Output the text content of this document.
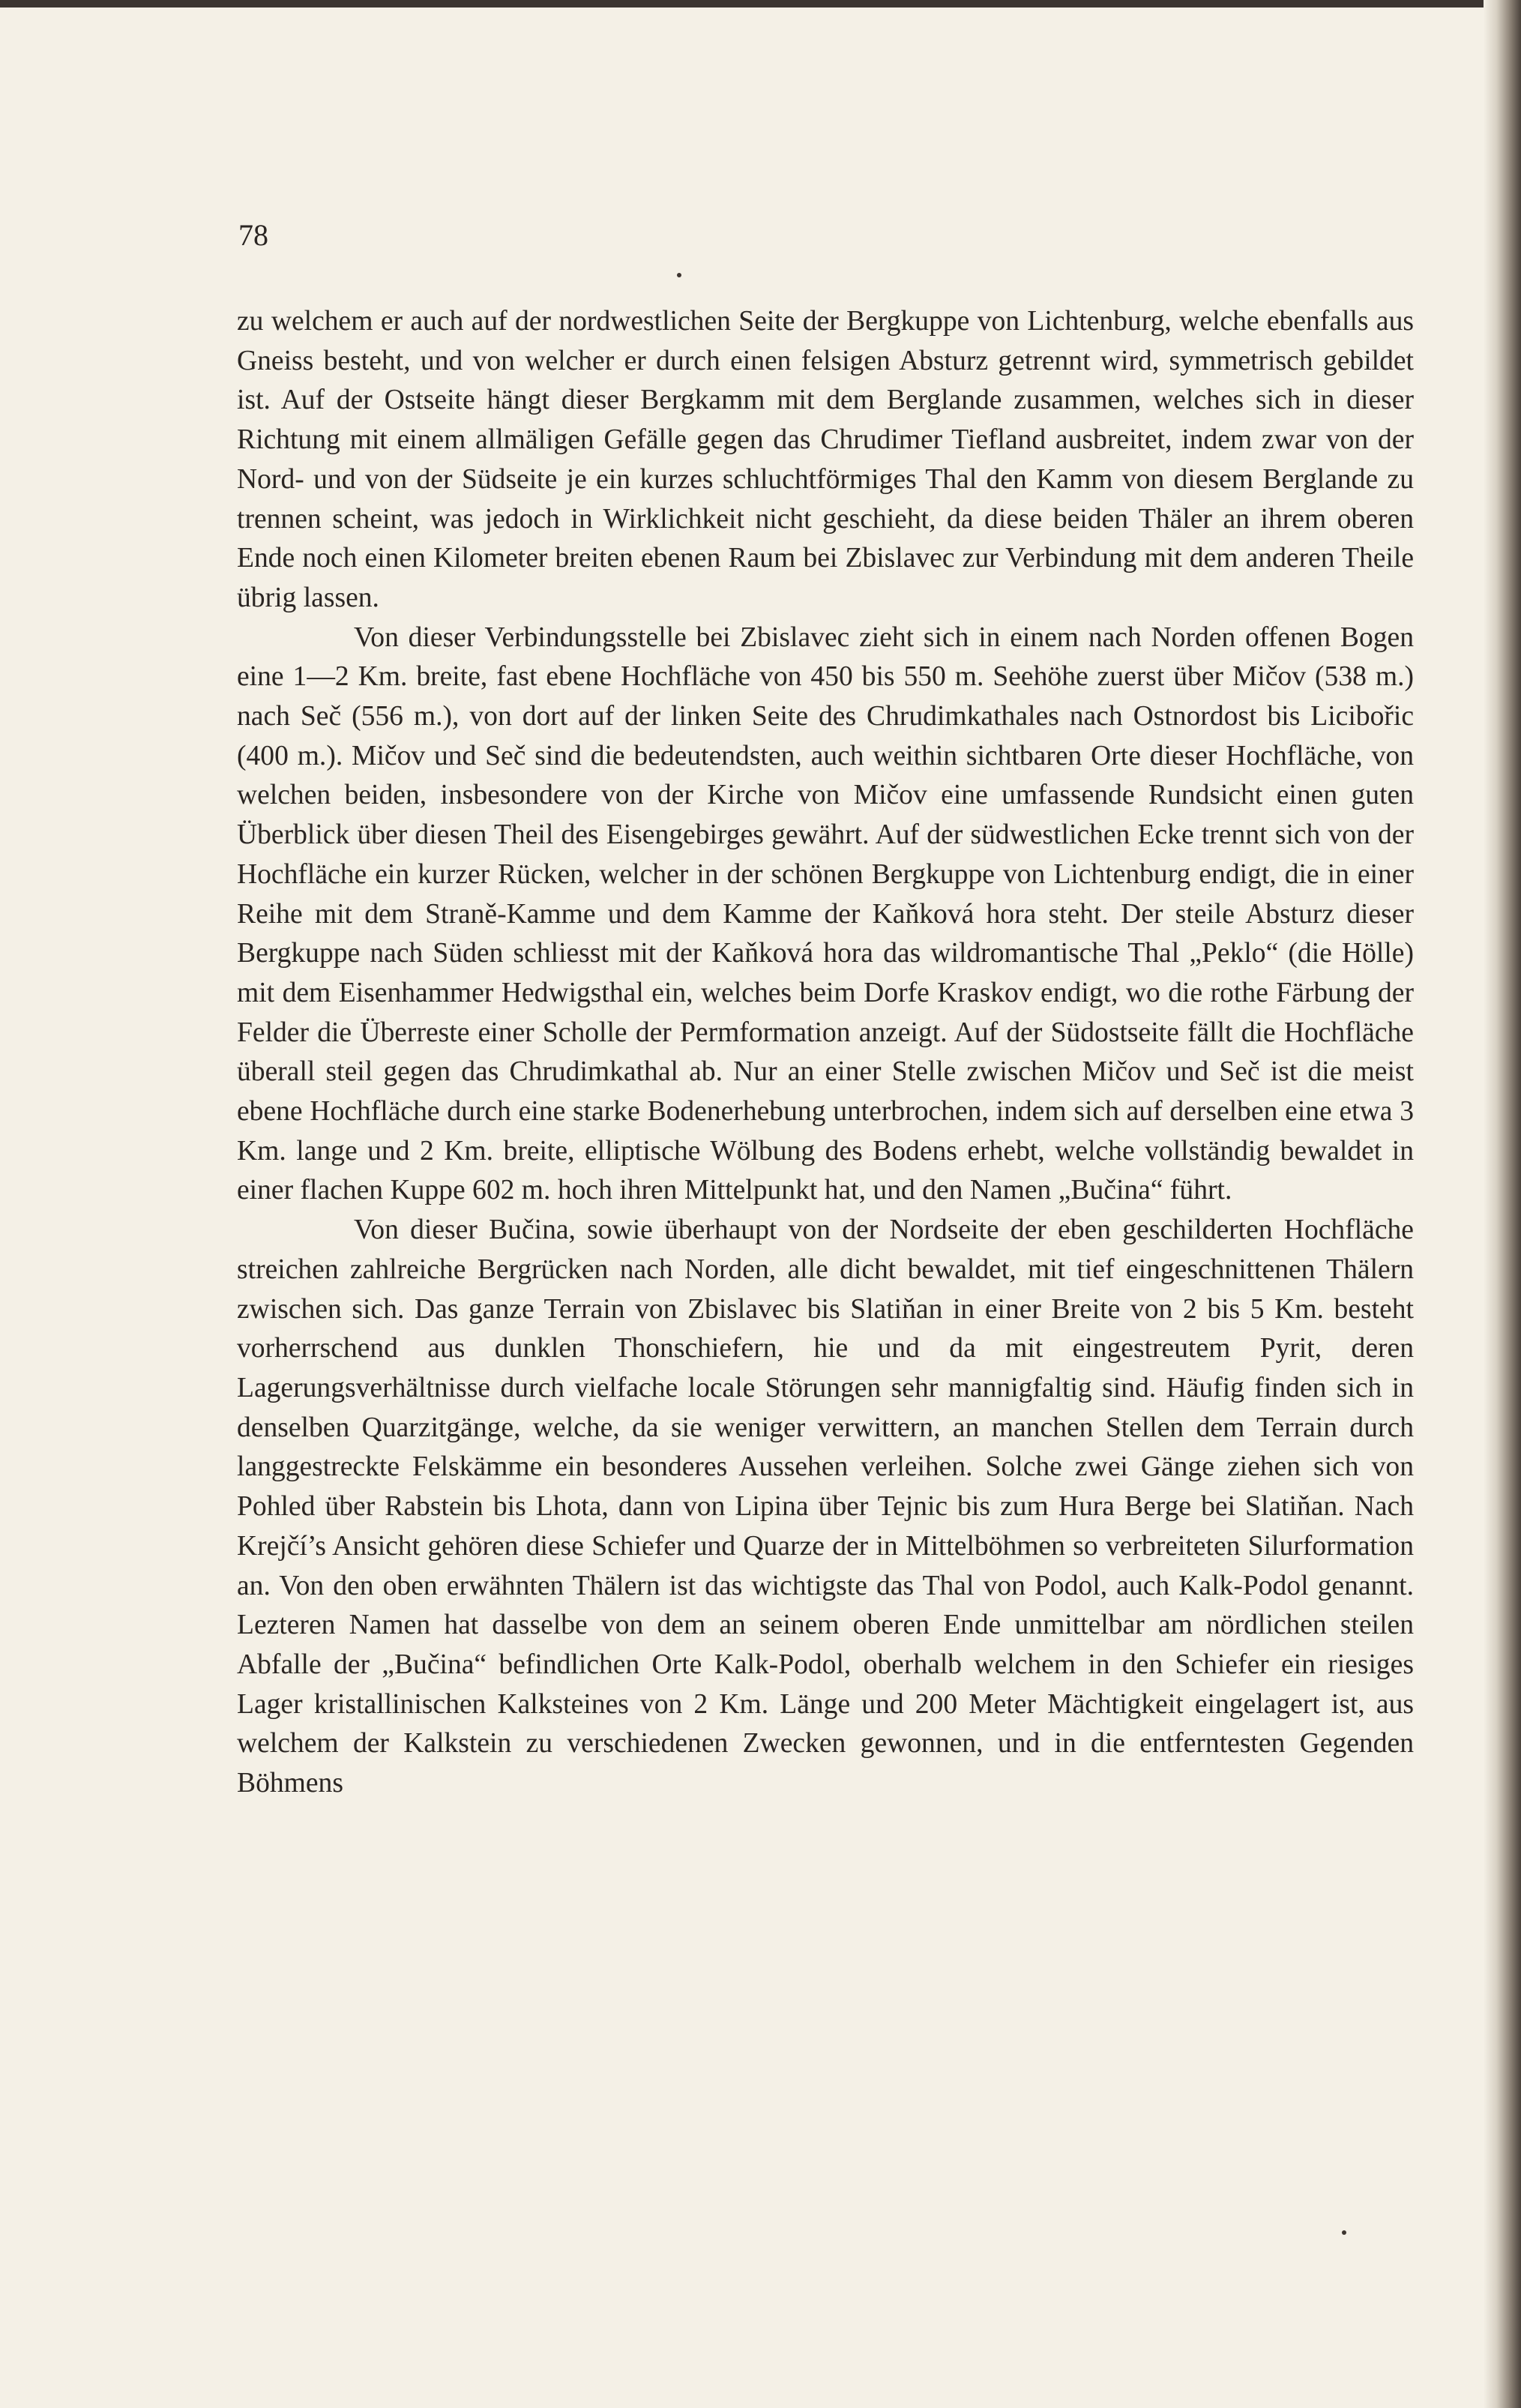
78

zu welchem er auch auf der nordwestlichen Seite der Bergkuppe von Lichtenburg, welche ebenfalls aus Gneiss besteht, und von welcher er durch einen felsigen Absturz getrennt wird, symmetrisch gebildet ist. Auf der Ostseite hängt dieser Bergkamm mit dem Berglande zusammen, welches sich in dieser Richtung mit einem allmäligen Gefälle gegen das Chrudimer Tiefland ausbreitet, indem zwar von der Nord- und von der Südseite je ein kurzes schluchtförmiges Thal den Kamm von diesem Berglande zu trennen scheint, was jedoch in Wirklichkeit nicht geschieht, da diese beiden Thäler an ihrem oberen Ende noch einen Kilometer breiten ebenen Raum bei Zbislavec zur Verbindung mit dem anderen Theile übrig lassen.

Von dieser Verbindungsstelle bei Zbislavec zieht sich in einem nach Norden offenen Bogen eine 1—2 Km. breite, fast ebene Hochfläche von 450 bis 550 m. Seehöhe zuerst über Mičov (538 m.) nach Seč (556 m.), von dort auf der linken Seite des Chrudimkathales nach Ostnordost bis Licibořic (400 m.). Mičov und Seč sind die bedeutendsten, auch weithin sichtbaren Orte dieser Hochfläche, von welchen beiden, insbesondere von der Kirche von Mičov eine umfassende Rundsicht einen guten Überblick über diesen Theil des Eisengebirges gewährt. Auf der südwestlichen Ecke trennt sich von der Hochfläche ein kurzer Rücken, welcher in der schönen Bergkuppe von Lichtenburg endigt, die in einer Reihe mit dem Straně-Kamme und dem Kamme der Kaňková hora steht. Der steile Absturz dieser Bergkuppe nach Süden schliesst mit der Kaňková hora das wildromantische Thal „Peklo“ (die Hölle) mit dem Eisenhammer Hedwigsthal ein, welches beim Dorfe Kraskov endigt, wo die rothe Färbung der Felder die Überreste einer Scholle der Permformation anzeigt. Auf der Südostseite fällt die Hochfläche überall steil gegen das Chrudimkathal ab. Nur an einer Stelle zwischen Mičov und Seč ist die meist ebene Hochfläche durch eine starke Bodenerhebung unterbrochen, indem sich auf derselben eine etwa 3 Km. lange und 2 Km. breite, elliptische Wölbung des Bodens erhebt, welche vollständig bewaldet in einer flachen Kuppe 602 m. hoch ihren Mittelpunkt hat, und den Namen „Bučina“ führt.

Von dieser Bučina, sowie überhaupt von der Nordseite der eben geschilderten Hochfläche streichen zahlreiche Bergrücken nach Norden, alle dicht bewaldet, mit tief eingeschnittenen Thälern zwischen sich. Das ganze Terrain von Zbislavec bis Slatiňan in einer Breite von 2 bis 5 Km. besteht vorherrschend aus dunklen Thonschiefern, hie und da mit eingestreutem Pyrit, deren Lagerungsverhältnisse durch vielfache locale Störungen sehr mannigfaltig sind. Häufig finden sich in denselben Quarzitgänge, welche, da sie weniger verwittern, an manchen Stellen dem Terrain durch langgestreckte Felskämme ein besonderes Aussehen verleihen. Solche zwei Gänge ziehen sich von Pohled über Rabstein bis Lhota, dann von Lipina über Tejnic bis zum Hura Berge bei Slatiňan. Nach Krejčí’s Ansicht gehören diese Schiefer und Quarze der in Mittelböhmen so verbreiteten Silurformation an. Von den oben erwähnten Thälern ist das wichtigste das Thal von Podol, auch Kalk-Podol genannt. Lezteren Namen hat dasselbe von dem an seinem oberen Ende unmittelbar am nördlichen steilen Abfalle der „Bučina“ befindlichen Orte Kalk-Podol, oberhalb welchem in den Schiefer ein riesiges Lager kristallinischen Kalksteines von 2 Km. Länge und 200 Meter Mächtigkeit eingelagert ist, aus welchem der Kalkstein zu verschiedenen Zwecken gewonnen, und in die entferntesten Gegenden Böhmens
